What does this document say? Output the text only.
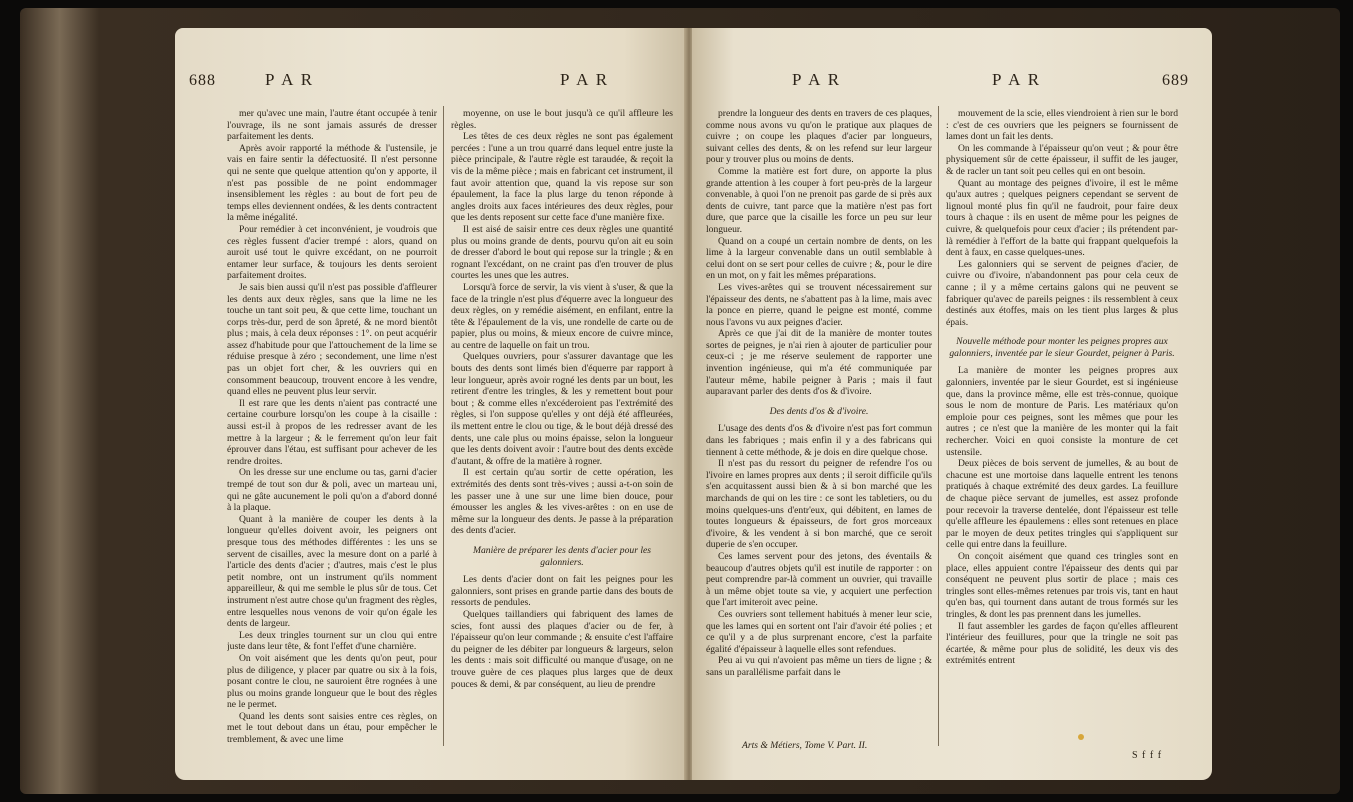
688	P A R	P A R

mer qu'avec une main, l'autre étant occupée à tenir l'ouvrage, ils ne sont jamais assurés de dresser parfaitement les dents.

Après avoir rapporté la méthode & l'ustensile, je vais en faire sentir la défectuosité. Il n'est personne qui ne sente que quelque attention qu'on y apporte, il n'est pas possible de ne point endommager insensiblement les règles : au bout de fort peu de temps elles deviennent ondées, & les dents contractent la même inégalité.

Pour remédier à cet inconvénient, je voudrois que ces règles fussent d'acier trempé : alors, quand on auroit usé tout le quivre excédant, on ne pourroit entamer leur surface, & toujours les dents seroient parfaitement droites.

Je sais bien aussi qu'il n'est pas possible d'affleurer les dents aux deux règles, sans que la lime ne les touche un tant soit peu, & que cette lime, touchant un corps très-dur, perd de son âpreté, & ne mord bientôt plus ; mais, à cela deux réponses : 1°. on peut acquérir assez d'habitude pour que l'attouchement de la lime se réduise presque à zéro ; secondement, une lime n'est pas un objet fort cher, & les ouvriers qui en consomment beaucoup, trouvent encore à les vendre, quand elles ne peuvent plus leur servir.

Il est rare que les dents n'aient pas contracté une certaine courbure lorsqu'on les coupe à la cisaille : aussi est-il à propos de les redresser avant de les mettre à la largeur ; & le ferrement qu'on leur fait éprouver dans l'étau, est suffisant pour achever de les rendre droites.

On les dresse sur une enclume ou tas, garni d'acier trempé de tout son dur & poli, avec un marteau uni, qui ne gâte aucunement le poli qu'on a d'abord donné à la plaque.

Quant à la manière de couper les dents à la longueur qu'elles doivent avoir, les peigners ont presque tous des méthodes différentes : les uns se servent de cisailles, avec la mesure dont on a parlé à l'article des dents d'acier ; d'autres, mais c'est le plus petit nombre, ont un instrument qu'ils nomment appareilleur, & qui me semble le plus sûr de tous. Cet instrument n'est autre chose qu'un fragment des règles, entre lesquelles nous venons de voir qu'on égale les dents de largeur.

Les deux tringles tournent sur un clou qui entre juste dans leur tête, & font l'effet d'une charnière.

On voit aisément que les dents qu'on peut, pour plus de diligence, y placer par quatre ou six à la fois, posant contre le clou, ne sauroient être rognées à une plus ou moins grande longueur que le bout des règles ne le permet.

Quand les dents sont saisies entre ces règles, on met le tout debout dans un étau, pour empêcher le tremblement, & avec une lime

moyenne, on use le bout jusqu'à ce qu'il affleure les règles.

Les têtes de ces deux règles ne sont pas également percées : l'une a un trou quarré dans lequel entre juste la pièce principale, & l'autre règle est taraudée, & reçoit la vis de la même pièce ; mais en fabricant cet instrument, il faut avoir attention que, quand la vis repose sur son épaulement, la face la plus large du tenon réponde à angles droits aux faces intérieures des deux règles, pour que les dents reposent sur cette face d'une manière fixe.

Il est aisé de saisir entre ces deux règles une quantité plus ou moins grande de dents, pourvu qu'on ait eu soin de dresser d'abord le bout qui repose sur la tringle ; & en rognant l'excédant, on ne craint pas d'en trouver de plus courtes les unes que les autres.

Lorsqu'à force de servir, la vis vient à s'user, & que la face de la tringle n'est plus d'équerre avec la longueur des deux règles, on y remédie aisément, en enfilant, entre la tête & l'épaulement de la vis, une rondelle de carte ou de papier, plus ou moins, & mieux encore de cuivre mince, au centre de laquelle on fait un trou.

Quelques ouvriers, pour s'assurer davantage que les bouts des dents sont limés bien d'équerre par rapport à leur longueur, après avoir rogné les dents par un bout, les retirent d'entre les tringles, & les y remettent bout pour bout ; & comme elles n'excéderoient pas l'extrémité des règles, si l'on suppose qu'elles y ont déjà été affleurées, ils mettent entre le clou ou tige, & le bout déjà dressé des dents, une cale plus ou moins épaisse, selon la longueur que les dents doivent avoir : l'autre bout des dents excède d'autant, & offre de la matière à rogner.

Il est certain qu'au sortir de cette opération, les extrémités des dents sont très-vives ; aussi a-t-on soin de les passer une à une sur une lime bien douce, pour émousser les angles & les vives-arêtes : on en use de même sur la longueur des dents. Je passe à la préparation des dents d'acier.

Manière de préparer les dents d'acier pour les galonniers.

Les dents d'acier dont on fait les peignes pour les galonniers, sont prises en grande partie dans des bouts de ressorts de pendules.

Quelques taillandiers qui fabriquent des lames de scies, font aussi des plaques d'acier ou de fer, à l'épaisseur qu'on leur commande ; & ensuite c'est l'affaire du peigner de les débiter par longueurs & largeurs, selon les dents : mais soit difficulté ou manque d'usage, on ne trouve guère de ces plaques plus larges que de deux pouces & demi, & par conséquent, au lieu de prendre

P A R	P A R	689

prendre la longueur des dents en travers de ces plaques, comme nous avons vu qu'on le pratique aux plaques de cuivre ; on coupe les plaques d'acier par longueurs, suivant celles des dents, & on les refend sur leur largeur pour y trouver plus ou moins de dents.

Comme la matière est fort dure, on apporte la plus grande attention à les couper à fort peu-près de la largeur convenable, à quoi l'on ne prenoit pas garde de si près aux dents de cuivre, tant parce que la matière n'est pas fort dure, que parce que la cisaille les force un peu sur leur longueur.

Quand on a coupé un certain nombre de dents, on les lime à la largeur convenable dans un outil semblable à celui dont on se sert pour celles de cuivre ; &, pour le dire en un mot, on y fait les mêmes préparations.

Les vives-arêtes qui se trouvent nécessairement sur l'épaisseur des dents, ne s'abattent pas à la lime, mais avec la ponce en pierre, quand le peigne est monté, comme nous l'avons vu aux peignes d'acier.

Après ce que j'ai dit de la manière de monter toutes sortes de peignes, je n'ai rien à ajouter de particulier pour ceux-ci ; je me réserve seulement de rapporter une invention ingénieuse, qui m'a été communiquée par l'auteur même, habile peigner à Paris ; mais il faut auparavant parler des dents d'os & d'ivoire.

Des dents d'os & d'ivoire.

L'usage des dents d'os & d'ivoire n'est pas fort commun dans les fabriques ; mais enfin il y a des fabricans qui tiennent à cette méthode, & je dois en dire quelque chose.

Il n'est pas du ressort du peigner de refendre l'os ou l'ivoire en lames propres aux dents ; il seroit difficile qu'ils s'en acquitassent aussi bien & à si bon marché que les marchands de qui on les tire : ce sont les tabletiers, ou du moins quelques-uns d'entr'eux, qui débitent, en lames de toutes longueurs & épaisseurs, de fort gros morceaux d'ivoire, & les vendent à si bon marché, que ce seroit duperie de s'en occuper.

Ces lames servent pour des jetons, des éventails & beaucoup d'autres objets qu'il est inutile de rapporter : on peut comprendre par-là comment un ouvrier, qui travaille à un même objet toute sa vie, y acquiert une perfection que l'art imiteroit avec peine.

Ces ouvriers sont tellement habitués à mener leur scie, que les lames qui en sortent ont l'air d'avoir été polies ; et ce qu'il y a de plus surprenant encore, c'est la parfaite égalité d'épaisseur à laquelle elles sont refendues.

Peu ai vu qui n'avoient pas même un tiers de ligne ; & sans un parallélisme parfait dans le

Arts & Métiers, Tome V. Part. II.

mouvement de la scie, elles viendroient à rien sur le bord : c'est de ces ouvriers que les peigners se fournissent de lames dont un fait les dents.

On les commande à l'épaisseur qu'on veut ; & pour être physiquement sûr de cette épaisseur, il suffit de les jauger, & de racler un tant soit peu celles qui en ont besoin.

Quant au montage des peignes d'ivoire, il est le même qu'aux autres ; quelques peigners cependant se servent de lignoul monté plus fin qu'il ne faudroit, pour faire deux tours à chaque : ils en usent de même pour les peignes de cuivre, & quelquefois pour ceux d'acier ; ils prétendent par-là remédier à l'effort de la batte qui frappant quelquefois la dent à faux, en casse quelques-unes.

Les galonniers qui se servent de peignes d'acier, de cuivre ou d'ivoire, n'abandonnent pas pour cela ceux de canne ; il y a même certains galons qui ne peuvent se fabriquer qu'avec de pareils peignes : ils ressemblent à ceux destinés aux étoffes, mais on les tient plus larges & plus épais.

Nouvelle méthode pour monter les peignes propres aux galonniers, inventée par le sieur Gourdet, peigner à Paris.

La manière de monter les peignes propres aux galonniers, inventée par le sieur Gourdet, est si ingénieuse que, dans la province même, elle est très-connue, quoique sous le nom de monture de Paris. Les matériaux qu'on emploie pour ces peignes, sont les mêmes que pour les autres ; ce n'est que la manière de les monter qui la fait rechercher. Voici en quoi consiste la monture de cet ustensile.

Deux pièces de bois servent de jumelles, & au bout de chacune est une mortoise dans laquelle entrent les tenons pratiqués à chaque extrémité des deux gardes. La feuillure de chaque pièce servant de jumelles, est assez profonde pour recevoir la traverse dentelée, dont l'épaisseur est telle qu'elle affleure les épaulemens : elles sont retenues en place par le moyen de deux petites tringles qui s'appliquent sur celle qui entre dans la feuillure.

On conçoit aisément que quand ces tringles sont en place, elles appuient contre l'épaisseur des dents qui par conséquent ne peuvent plus sortir de place ; mais ces tringles sont elles-mêmes retenues par trois vis, tant en haut qu'en bas, qui tournent dans autant de trous formés sur les tringles, & dont les pas prennent dans les jumelles.

Il faut assembler les gardes de façon qu'elles affleurent l'intérieur des feuillures, pour que la tringle ne soit pas écartée, & même pour plus de solidité, les deux vis des extrémités entrent

S f f f
